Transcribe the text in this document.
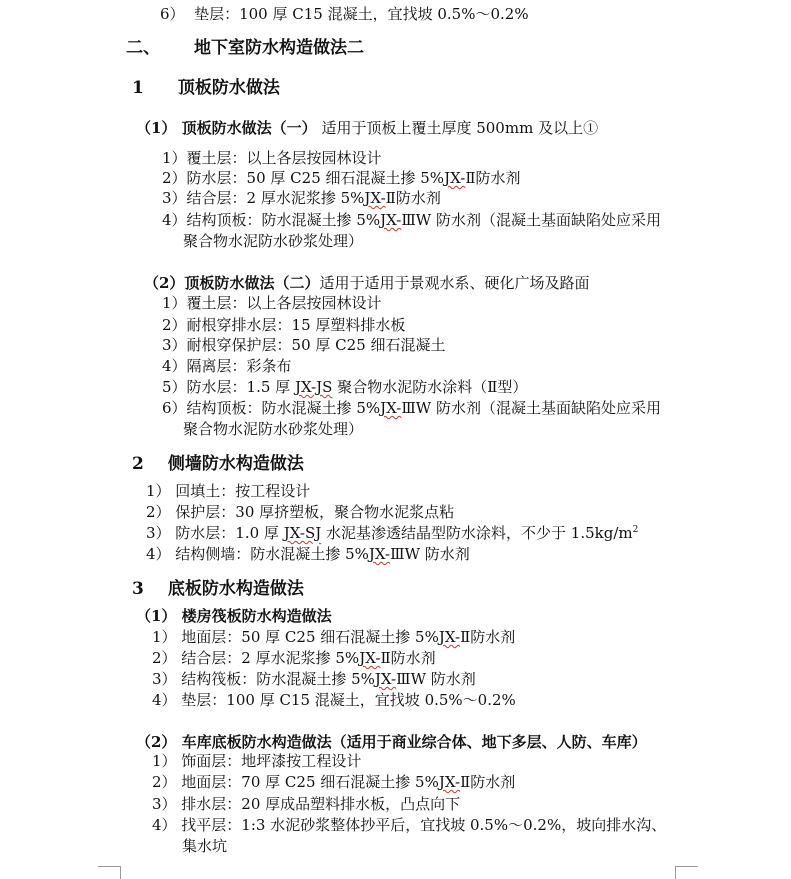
6） 垫层：100 厚 C15 混凝土，宜找坡 0.5%～0.2%
二、 地下室防水构造做法二
1 顶板防水做法
（1） 顶板防水做法（一） 适用于顶板上覆土厚度 500mm 及以上①
1）覆土层：以上各层按园林设计
2）防水层：50 厚 C25 细石混凝土掺 5%JX-Ⅱ防水剂
3）结合层：2 厚水泥浆掺 5%JX-Ⅱ防水剂
4）结构顶板：防水混凝土掺 5%JX-ⅢW 防水剂（混凝土基面缺陷处应采用
聚合物水泥防水砂浆处理）
（2）顶板防水做法（二）适用于适用于景观水系、硬化广场及路面
1）覆土层：以上各层按园林设计
2）耐根穿排水层：15 厚塑料排水板
3）耐根穿保护层：50 厚 C25 细石混凝土
4）隔离层：彩条布
5）防水层：1.5 厚 JX-JS 聚合物水泥防水涂料（Ⅱ型）
6）结构顶板：防水混凝土掺 5%JX-ⅢW 防水剂（混凝土基面缺陷处应采用
聚合物水泥防水砂浆处理）
2 侧墙防水构造做法
1） 回填土：按工程设计
2） 保护层：30 厚挤塑板，聚合物水泥浆点粘
3） 防水层：1.0 厚 JX-SJ 水泥基渗透结晶型防水涂料，不少于 $1.5kg/m^2$
4） 结构侧墙：防水混凝土掺 5%JX-ⅢW 防水剂
3 底板防水构造做法
（1） 楼房筏板防水构造做法
1） 地面层：50 厚 C25 细石混凝土掺 5%JX-Ⅱ防水剂
2） 结合层：2 厚水泥浆掺 5%JX-Ⅱ防水剂
3） 结构筏板：防水混凝土掺 5%JX-ⅢW 防水剂
4） 垫层：100 厚 C15 混凝土，宜找坡 0.5%～0.2%
（2） 车库底板防水构造做法（适用于商业综合体、地下多层、人防、车库）
1） 饰面层：地坪漆按工程设计
2） 地面层：70 厚 C25 细石混凝土掺 5%JX-Ⅱ防水剂
3） 排水层：20 厚成品塑料排水板，凸点向下
4） 找平层：1:3 水泥砂浆整体抄平后，宜找坡 0.5%～0.2%，坡向排水沟、
集水坑
